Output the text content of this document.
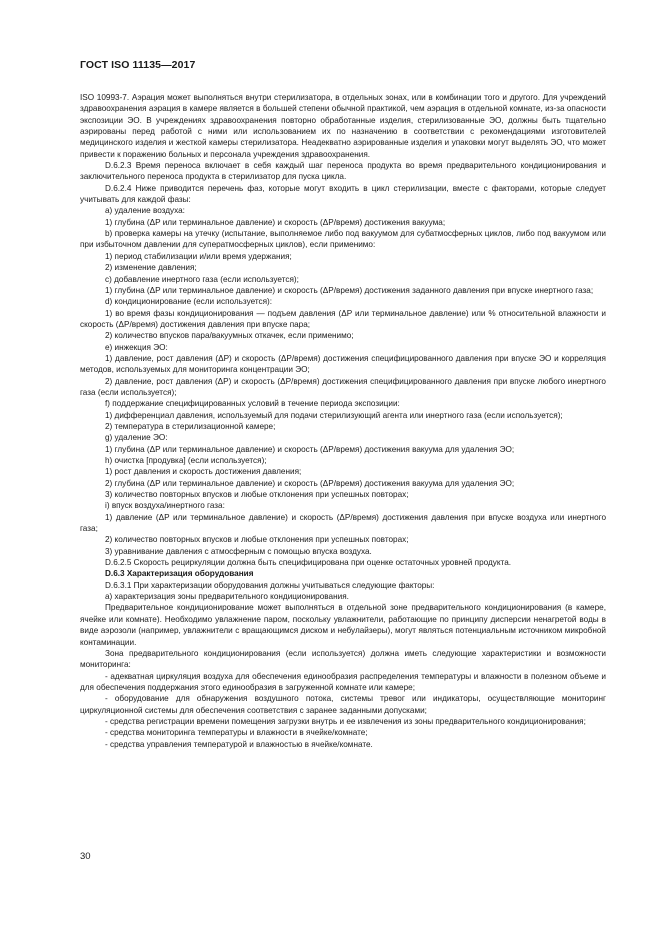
ГОСТ ISO 11135—2017

ISO 10993-7. Аэрация может выполняться внутри стерилизатора, в отдельных зонах, или в комбинации того и другого. Для учреждений здравоохранения аэрация в камере является в большей степени обычной практикой, чем аэрация в отдельной комнате, из-за опасности экспозиции ЭО. В учреждениях здравоохранения повторно обработанные изделия, стерилизованные ЭО, должны быть тщательно аэрированы перед работой с ними или использованием их по назначению в соответствии с рекомендациями изготовителей медицинского изделия и жесткой камеры стерилизатора. Неадекватно аэрированные изделия и упаковки могут выделять ЭО, что может привести к поражению больных и персонала учреждения здравоохранения.

D.6.2.3 Время переноса включает в себя каждый шаг переноса продукта во время предварительного кондиционирования и заключительного переноса продукта в стерилизатор для пуска цикла.

D.6.2.4 Ниже приводится перечень фаз, которые могут входить в цикл стерилизации, вместе с факторами, которые следует учитывать для каждой фазы:

a) удаление воздуха:

1) глубина (ΔP или терминальное давление) и скорость (ΔP/время) достижения вакуума;

b) проверка камеры на утечку (испытание, выполняемое либо под вакуумом для субатмосферных циклов, либо под вакуумом или при избыточном давлении для суператмосферных циклов), если применимо:

1) период стабилизации и/или время удержания;

2) изменение давления;

c) добавление инертного газа (если используется);

1) глубина (ΔP или терминальное давление) и скорость (ΔP/время) достижения заданного давления при впуске инертного газа;

d) кондиционирование (если используется):

1) во время фазы кондиционирования — подъем давления (ΔP или терминальное давление) или % относительной влажности и скорость (ΔP/время) достижения давления при впуске пара;

2) количество впусков пара/вакуумных откачек, если применимо;

e) инжекция ЭО:

1) давление, рост давления (ΔP) и скорость (ΔP/время) достижения специфицированного давления при впуске ЭО и корреляция методов, используемых для мониторинга концентрации ЭО;

2) давление, рост давления (ΔP) и скорость (ΔP/время) достижения специфицированного давления при впуске любого инертного газа (если используется);

f) поддержание специфицированных условий в течение периода экспозиции:

1) дифференциал давления, используемый для подачи стерилизующий агента или инертного газа (если используется);

2) температура в стерилизационной камере;

g) удаление ЭО:

1) глубина (ΔP или терминальное давление) и скорость (ΔP/время) достижения вакуума для удаления ЭО;

h) очистка [продувка] (если используется);

1) рост давления и скорость достижения давления;

2) глубина (ΔP или терминальное давление) и скорость (ΔP/время) достижения вакуума для удаления ЭО;

3) количество повторных впусков и любые отклонения при успешных повторах;

i) впуск воздуха/инертного газа:

1) давление (ΔP или терминальное давление) и скорость (ΔP/время) достижения давления при впуске воздуха или инертного газа;

2) количество повторных впусков и любые отклонения при успешных повторах;

3) уравнивание давления с атмосферным с помощью впуска воздуха.

D.6.2.5 Скорость рециркуляции должна быть специфицирована при оценке остаточных уровней продукта.

D.6.3 Характеризация оборудования

D.6.3.1 При характеризации оборудования должны учитываться следующие факторы:

a) характеризация зоны предварительного кондиционирования.

Предварительное кондиционирование может выполняться в отдельной зоне предварительного кондиционирования (в камере, ячейке или комнате). Необходимо увлажнение паром, поскольку увлажнители, работающие по принципу дисперсии ненагретой воды в виде аэрозоли (например, увлажнители с вращающимся диском и небулайзеры), могут являться потенциальным источником микробной контаминации.

Зона предварительного кондиционирования (если используется) должна иметь следующие характеристики и возможности мониторинга:

- адекватная циркуляция воздуха для обеспечения единообразия распределения температуры и влажности в полезном объеме и для обеспечения поддержания этого единообразия в загруженной комнате или камере;

- оборудование для обнаружения воздушного потока, системы тревог или индикаторы, осуществляющие мониторинг циркуляционной системы для обеспечения соответствия с заранее заданными допусками;

- средства регистрации времени помещения загрузки внутрь и ее извлечения из зоны предварительного кондиционирования;

- средства мониторинга температуры и влажности в ячейке/комнате;

- средства управления температурой и влажностью в ячейке/комнате.

30
